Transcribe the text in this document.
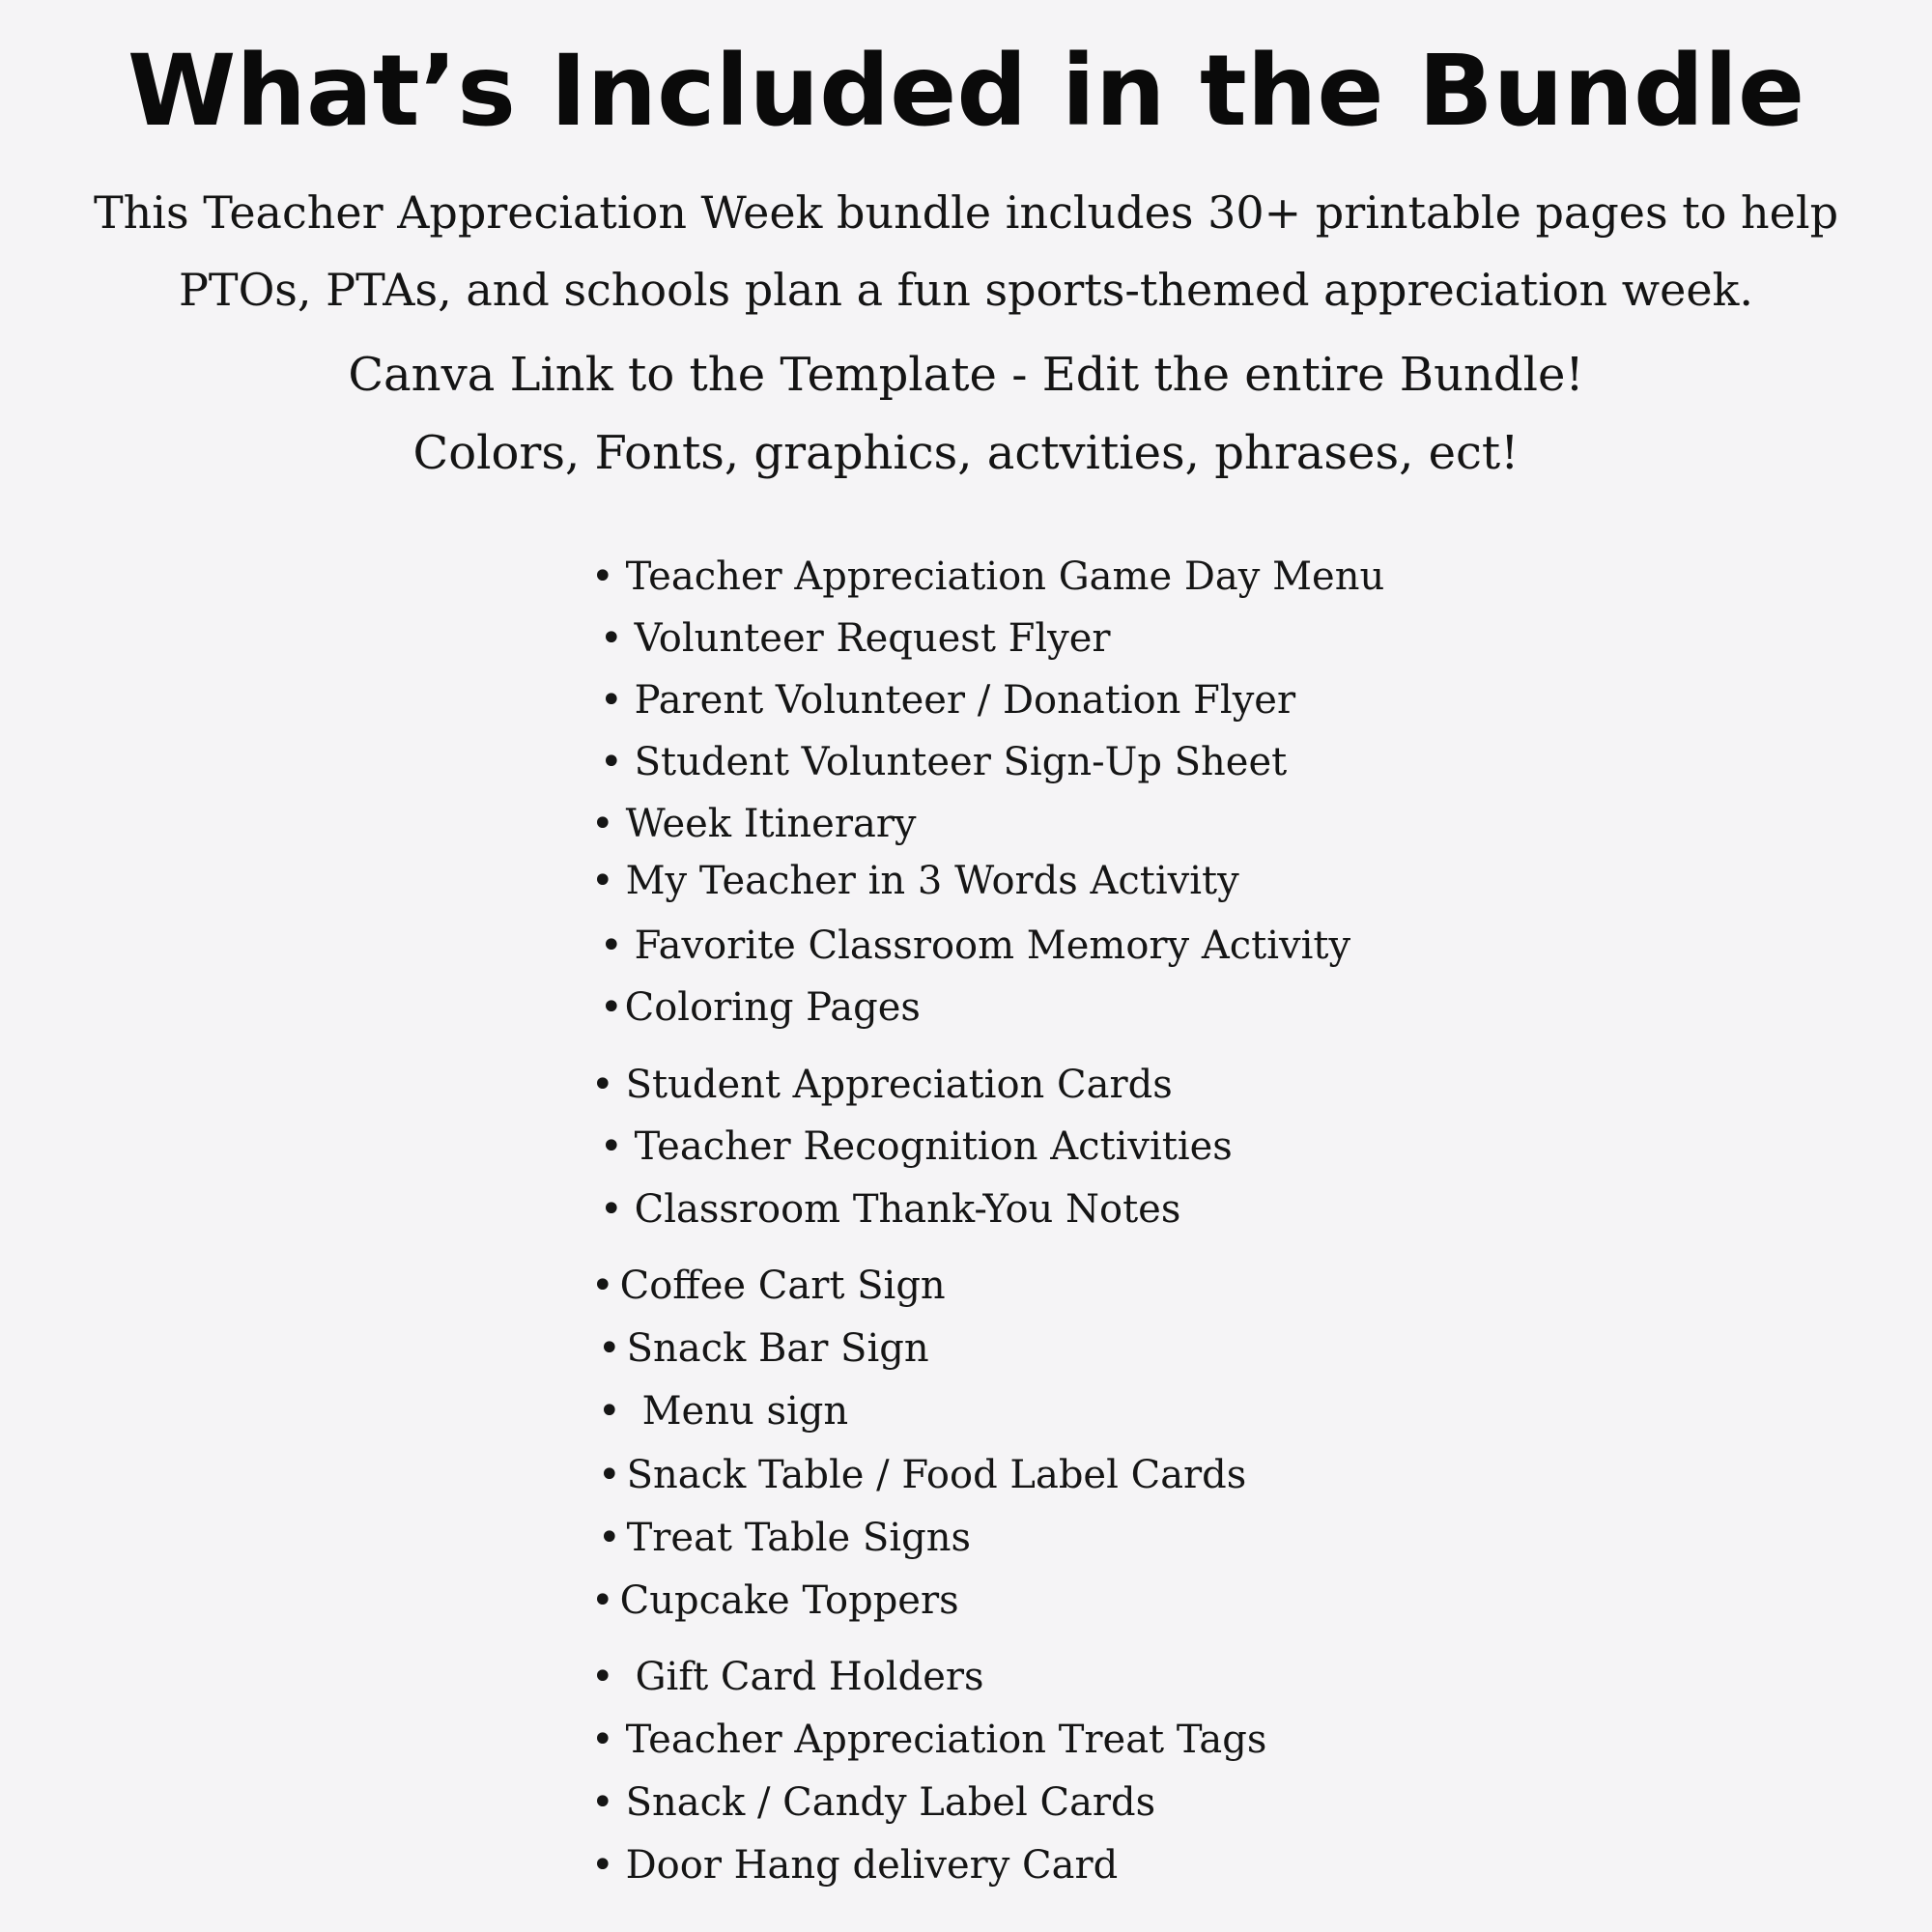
What’s Included in the Bundle
This Teacher Appreciation Week bundle includes 30+ printable pages to help
PTOs, PTAs, and schools plan a fun sports-themed appreciation week.
Canva Link to the Template - Edit the entire Bundle!
Colors, Fonts, graphics, actvities, phrases, ect!
• Teacher Appreciation Game Day Menu
• Volunteer Request Flyer
• Parent Volunteer / Donation Flyer
• Student Volunteer Sign-Up Sheet
• Week Itinerary
• My Teacher in 3 Words Activity
• Favorite Classroom Memory Activity
•Coloring Pages
• Student Appreciation Cards
• Teacher Recognition Activities
• Classroom Thank-You Notes
• Coffee Cart Sign
• Snack Bar Sign
• Menu sign
• Snack Table / Food Label Cards
• Treat Table Signs
• Cupcake Toppers
• Gift Card Holders
• Teacher Appreciation Treat Tags
• Snack / Candy Label Cards
• Door Hang delivery Card
